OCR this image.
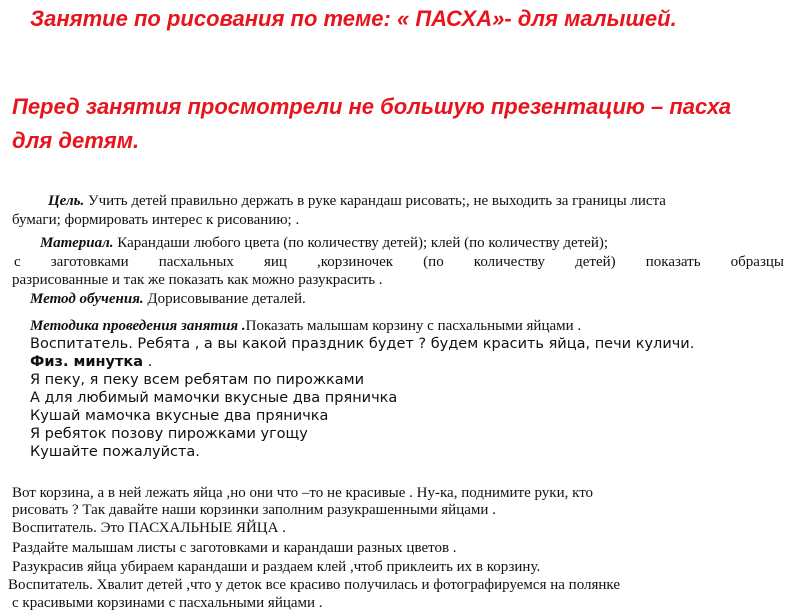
Занятие по рисования по теме: « ПАСХА»- для малышей.
Перед занятия просмотрели не большую презентацию – пасха
для детям.
Цель. Учить детей правильно держать в руке карандаш рисовать;, не выходить за границы листа
бумаги; формировать интерес к рисованию; .
Материал. Карандаши любого цвета (по количеству детей); клей (по количеству детей);
с заготовками пасхальных яиц ,корзиночек (по количеству детей) показать образцы
разрисованные и так же показать как можно разукрасить .
Метод обучения. Дорисовывание деталей.
Методика проведения занятия .Показать малышам корзину с пасхальными яйцами .
Воспитатель. Ребята , а вы какой праздник будет ? будем красить яйца, печи куличи.
Физ. минутка .
Я пеку, я пеку всем ребятам по пирожками
А для любимый мамочки вкусные два пряничка
Кушай мамочка вкусные два пряничка
Я ребяток позову пирожками угощу
Кушайте пожалуйста.
Вот корзина, а в ней лежать яйца ,но они что –то не красивые . Ну-ка, поднимите руки, кто
рисовать ? Так давайте наши корзинки заполним разукрашенными яйцами .
Воспитатель. Это ПАСХАЛЬНЫЕ ЯЙЦА .
Раздайте малышам листы с заготовками и карандаши разных цветов .
Разукрасив яйца убираем карандаши и раздаем клей ,чтоб приклеить их в корзину.
Воспитатель. Хвалит детей ,что у деток все красиво получилась и фотографируемся на полянке
с красивыми корзинами с пасхальными яйцами .
